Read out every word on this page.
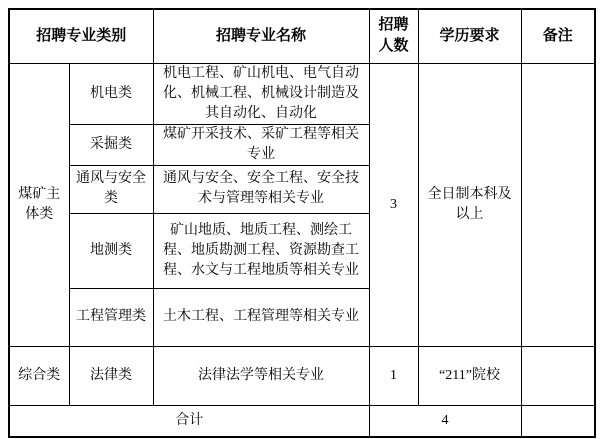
招聘专业类别		招聘专业名称	招聘人数	学历要求	备注
煤矿主体类	机电类	机电工程、矿山机电、电气自动化、机械工程、机械设计制造及其自动化、自动化	3	全日制本科及以上	
	采掘类	煤矿开采技术、采矿工程等相关专业			
	通风与安全类	通风与安全、安全工程、安全技术与管理等相关专业			
	地测类	矿山地质、地质工程、测绘工程、地质勘测工程、资源勘查工程、水文与工程地质等相关专业			
	工程管理类	土木工程、工程管理等相关专业			
综合类	法律类	法律法学等相关专业	1	“211”院校	
合计			4		
